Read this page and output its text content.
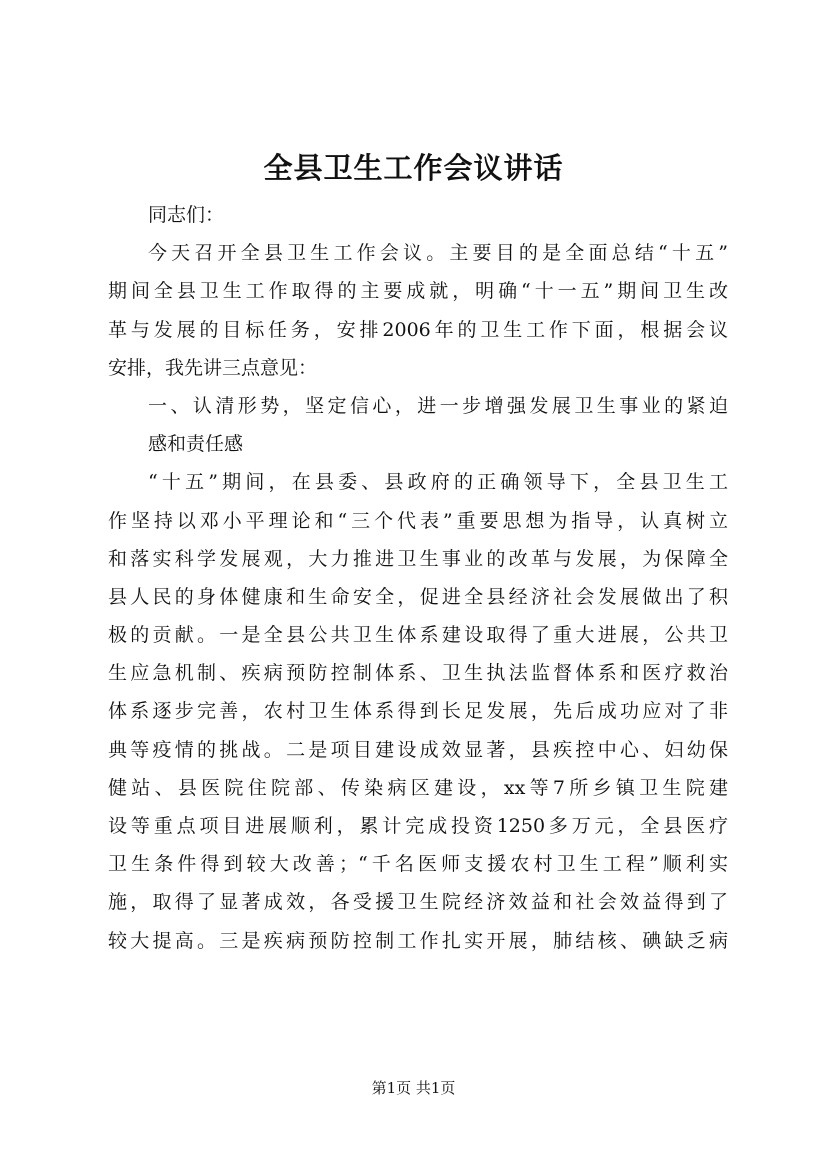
全县卫生工作会议讲话
同志们：
今天召开全县卫生工作会议。主要目的是全面总结“十五”
期间全县卫生工作取得的主要成就，明确“十一五”期间卫生改
革与发展的目标任务，安排2006年的卫生工作下面，根据会议
安排，我先讲三点意见：
一、认清形势，坚定信心，进一步增强发展卫生事业的紧迫
感和责任感
“十五”期间，在县委、县政府的正确领导下，全县卫生工
作坚持以邓小平理论和“三个代表”重要思想为指导，认真树立
和落实科学发展观，大力推进卫生事业的改革与发展，为保障全
县人民的身体健康和生命安全，促进全县经济社会发展做出了积
极的贡献。一是全县公共卫生体系建设取得了重大进展，公共卫
生应急机制、疾病预防控制体系、卫生执法监督体系和医疗救治
体系逐步完善，农村卫生体系得到长足发展，先后成功应对了非
典等疫情的挑战。二是项目建设成效显著，县疾控中心、妇幼保
健站、县医院住院部、传染病区建设，xx等7所乡镇卫生院建
设等重点项目进展顺利，累计完成投资1250多万元，全县医疗
卫生条件得到较大改善；“千名医师支援农村卫生工程”顺利实
施，取得了显著成效，各受援卫生院经济效益和社会效益得到了
较大提高。三是疾病预防控制工作扎实开展，肺结核、碘缺乏病
第1页 共1页
